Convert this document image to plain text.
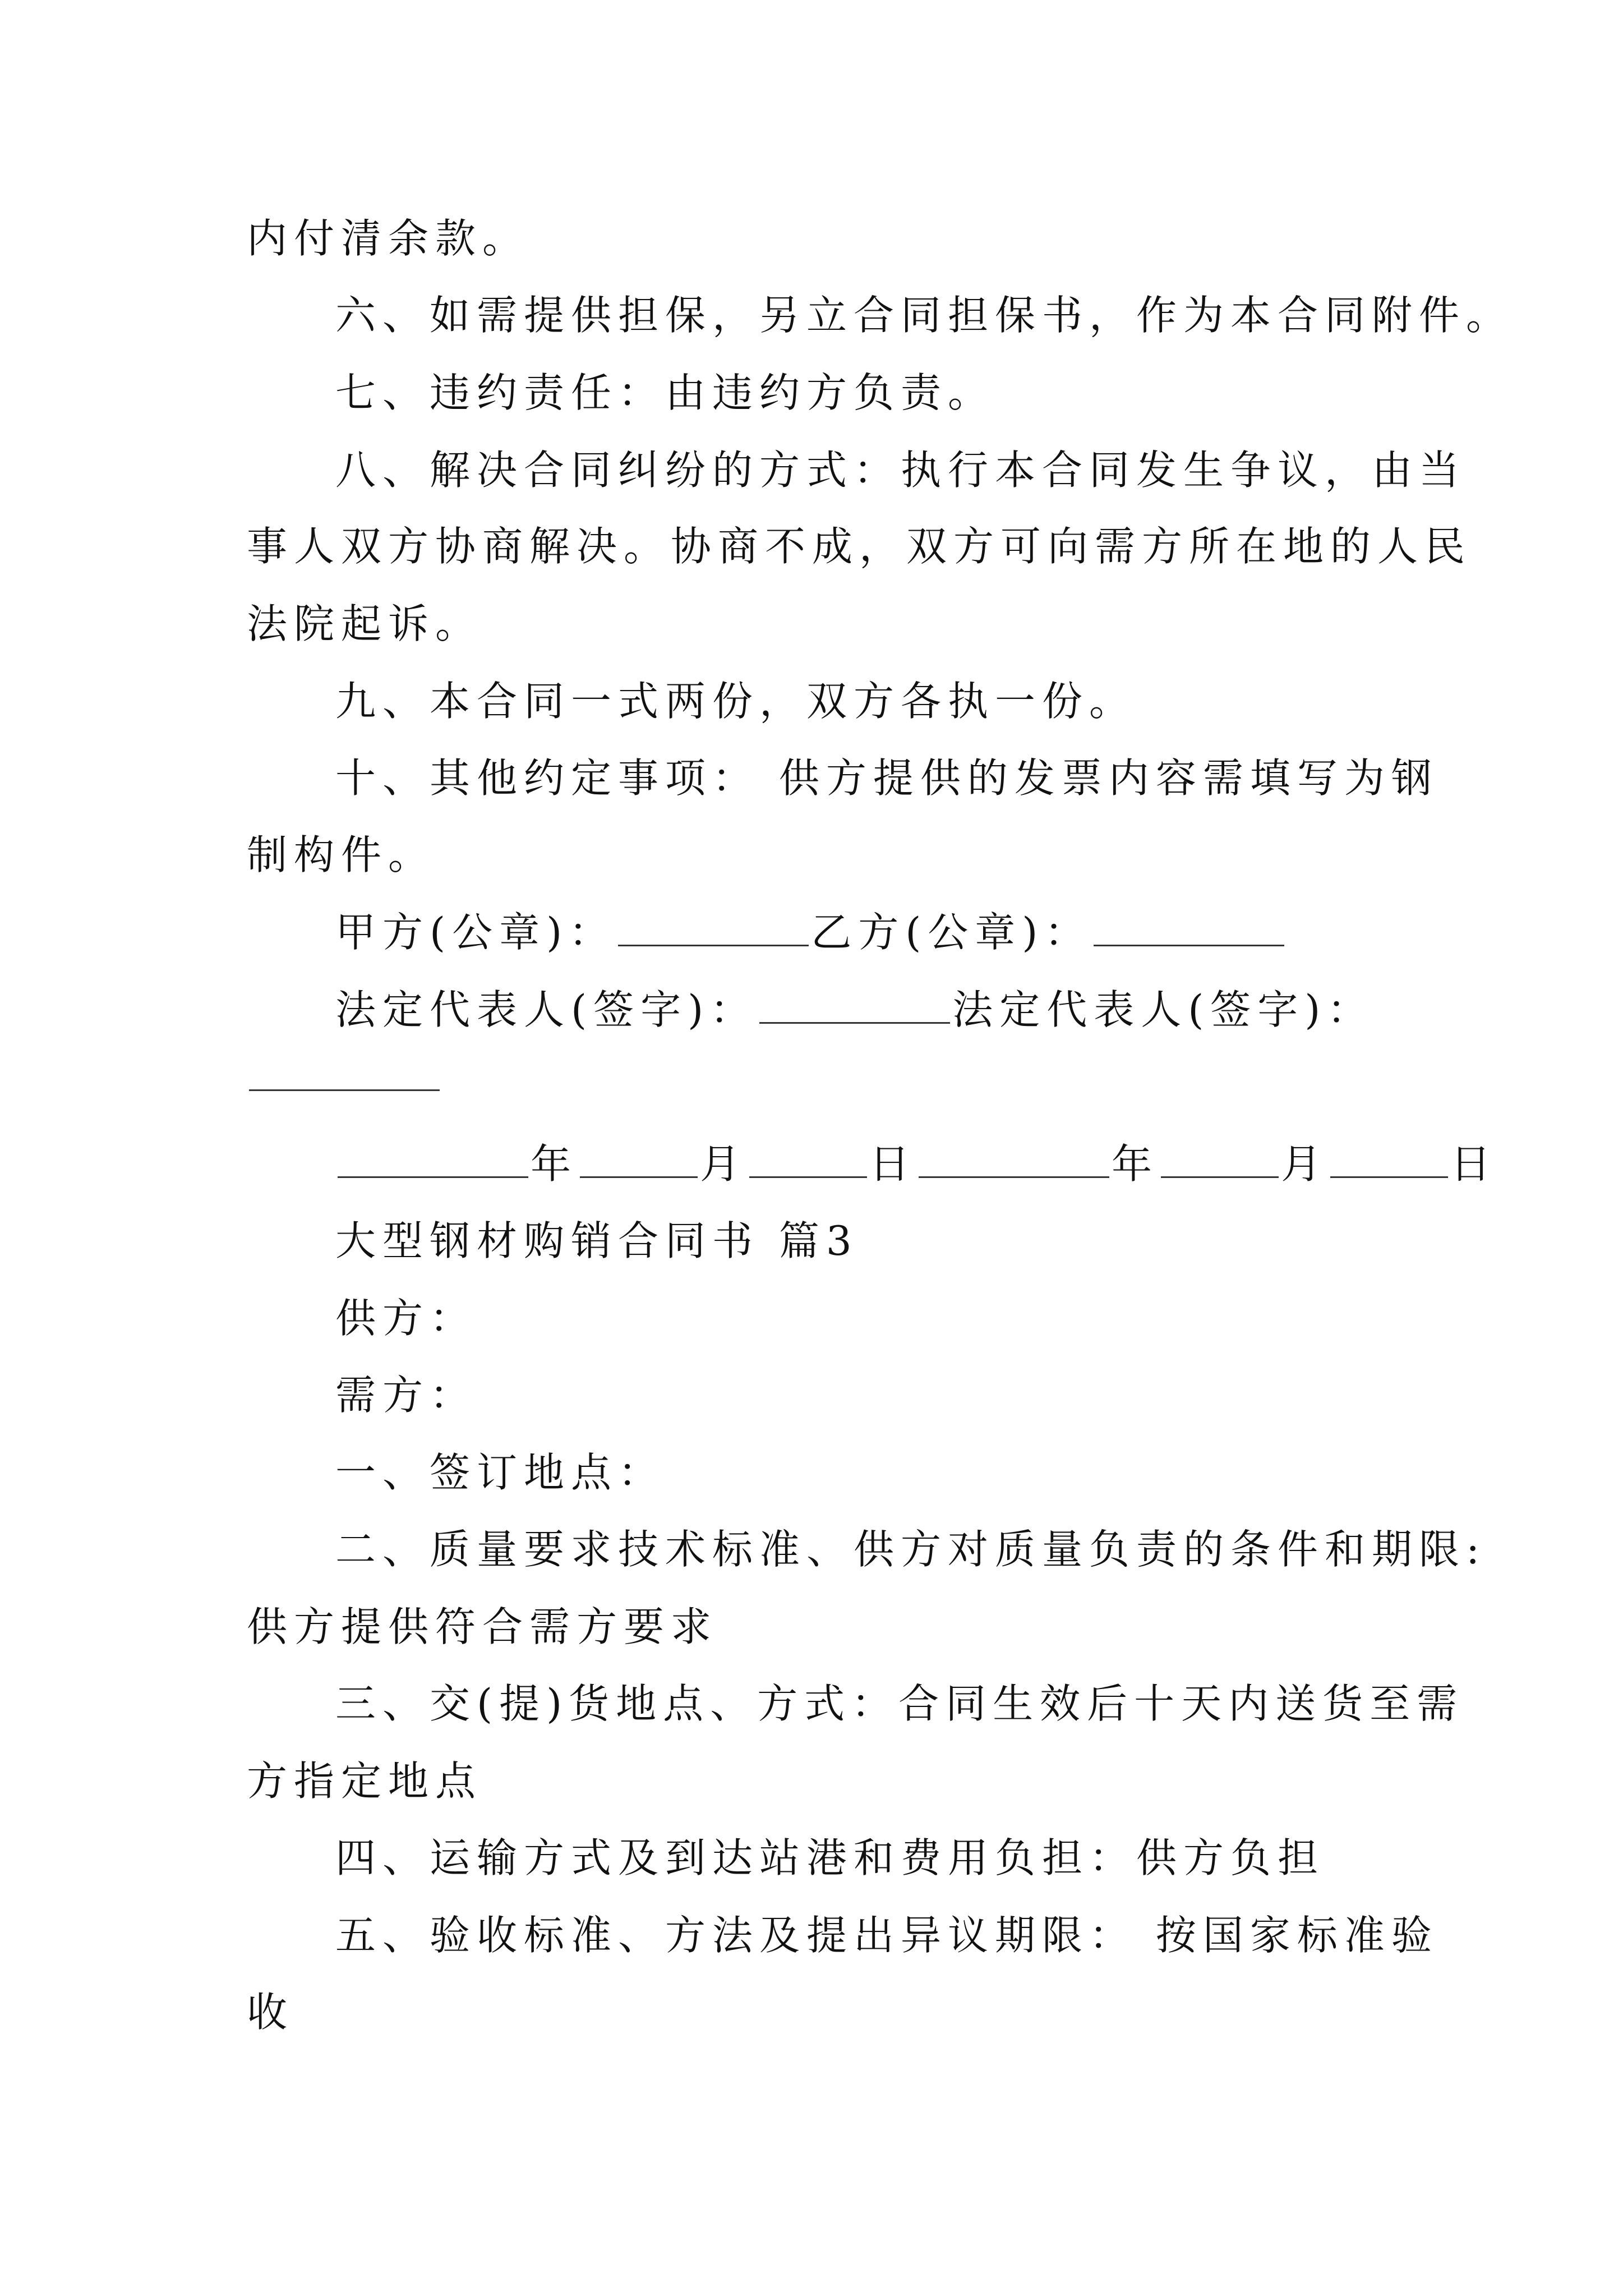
内付清余款。
六、如需提供担保，另立合同担保书，作为本合同附件。
七、违约责任：由违约方负责。
八、解决合同纠纷的方式：执行本合同发生争议，由当
事人双方协商解决。协商不成，双方可向需方所在地的人民
法院起诉。
九、本合同一式两份，双方各执一份。
十、其他约定事项： 供方提供的发票内容需填写为钢
制构件。
甲方(公章)：	乙方(公章)：
法定代表人(签字)：	法定代表人(签字)：
年	月	日	年	月	日
大型钢材购销合同书 篇3
供方：
需方：
一、签订地点：
二、质量要求技术标准、供方对质量负责的条件和期限:
供方提供符合需方要求
三、交(提)货地点、方式：合同生效后十天内送货至需
方指定地点
四、运输方式及到达站港和费用负担：供方负担
五、验收标准、方法及提出异议期限： 按国家标准验
收
